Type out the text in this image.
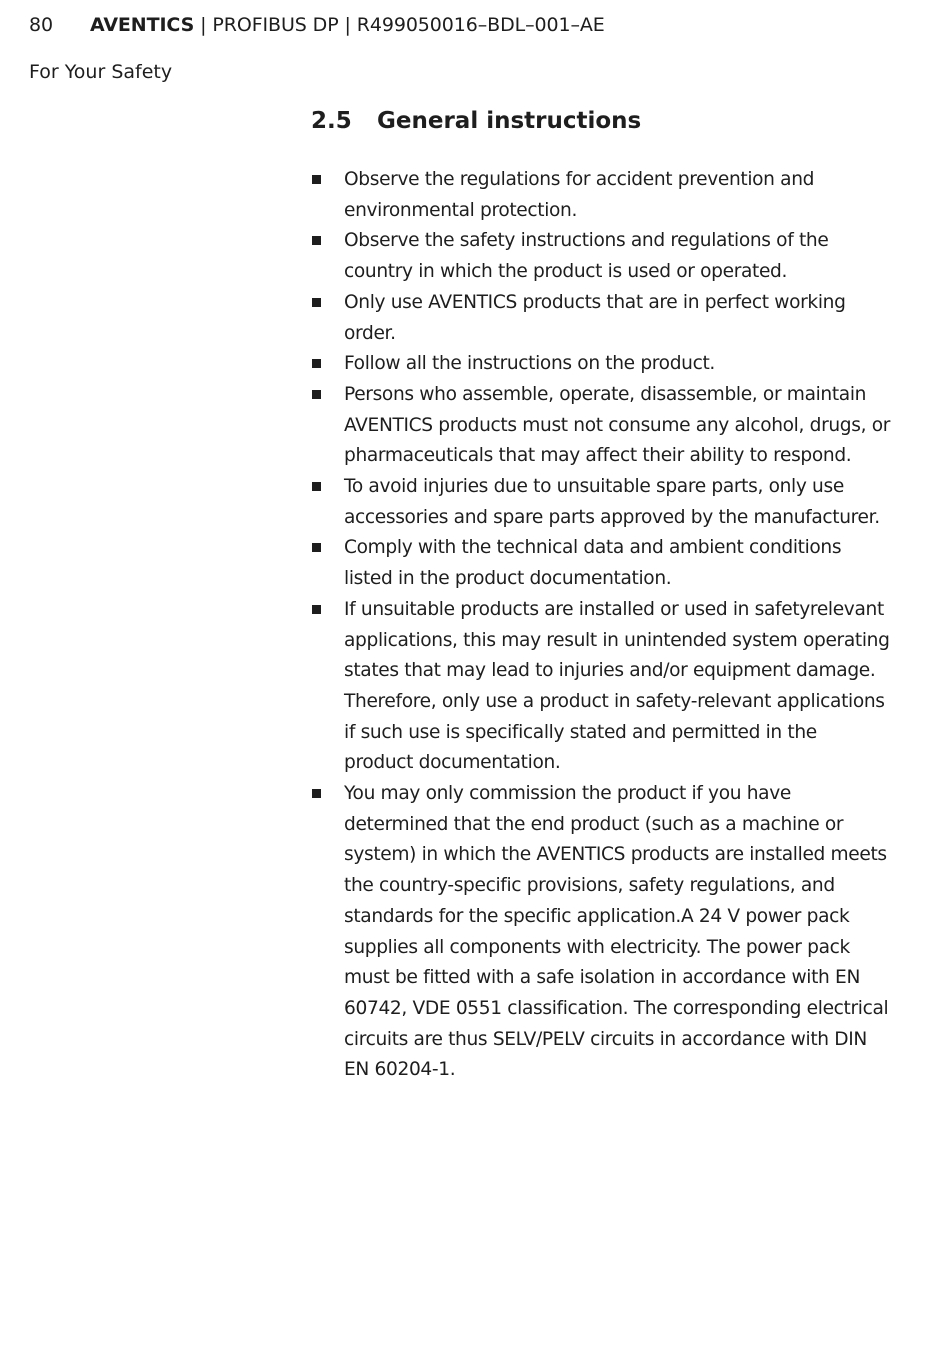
80 AVENTICS | PROFIBUS DP | R499050016–BDL–001–AE
For Your Safety
2.5 General instructions
Observe the regulations for accident prevention and environmental protection.
Observe the safety instructions and regulations of the country in which the product is used or operated.
Only use AVENTICS products that are in perfect working order.
Follow all the instructions on the product.
Persons who assemble, operate, disassemble, or maintain AVENTICS products must not consume any alcohol, drugs, or pharmaceuticals that may affect their ability to respond.
To avoid injuries due to unsuitable spare parts, only use accessories and spare parts approved by the manufacturer.
Comply with the technical data and ambient conditions listed in the product documentation.
If unsuitable products are installed or used in safetyrelevant applications, this may result in unintended system operating states that may lead to injuries and/or equipment damage. Therefore, only use a product in safety-relevant applications if such use is specifically stated and permitted in the product documentation.
You may only commission the product if you have determined that the end product (such as a machine or system) in which the AVENTICS products are installed meets the country-specific provisions, safety regulations, and standards for the specific application.A 24 V power pack supplies all components with electricity. The power pack must be fitted with a safe isolation in accordance with EN 60742, VDE 0551 classification. The corresponding electrical circuits are thus SELV/PELV circuits in accordance with DIN EN 60204-1.
